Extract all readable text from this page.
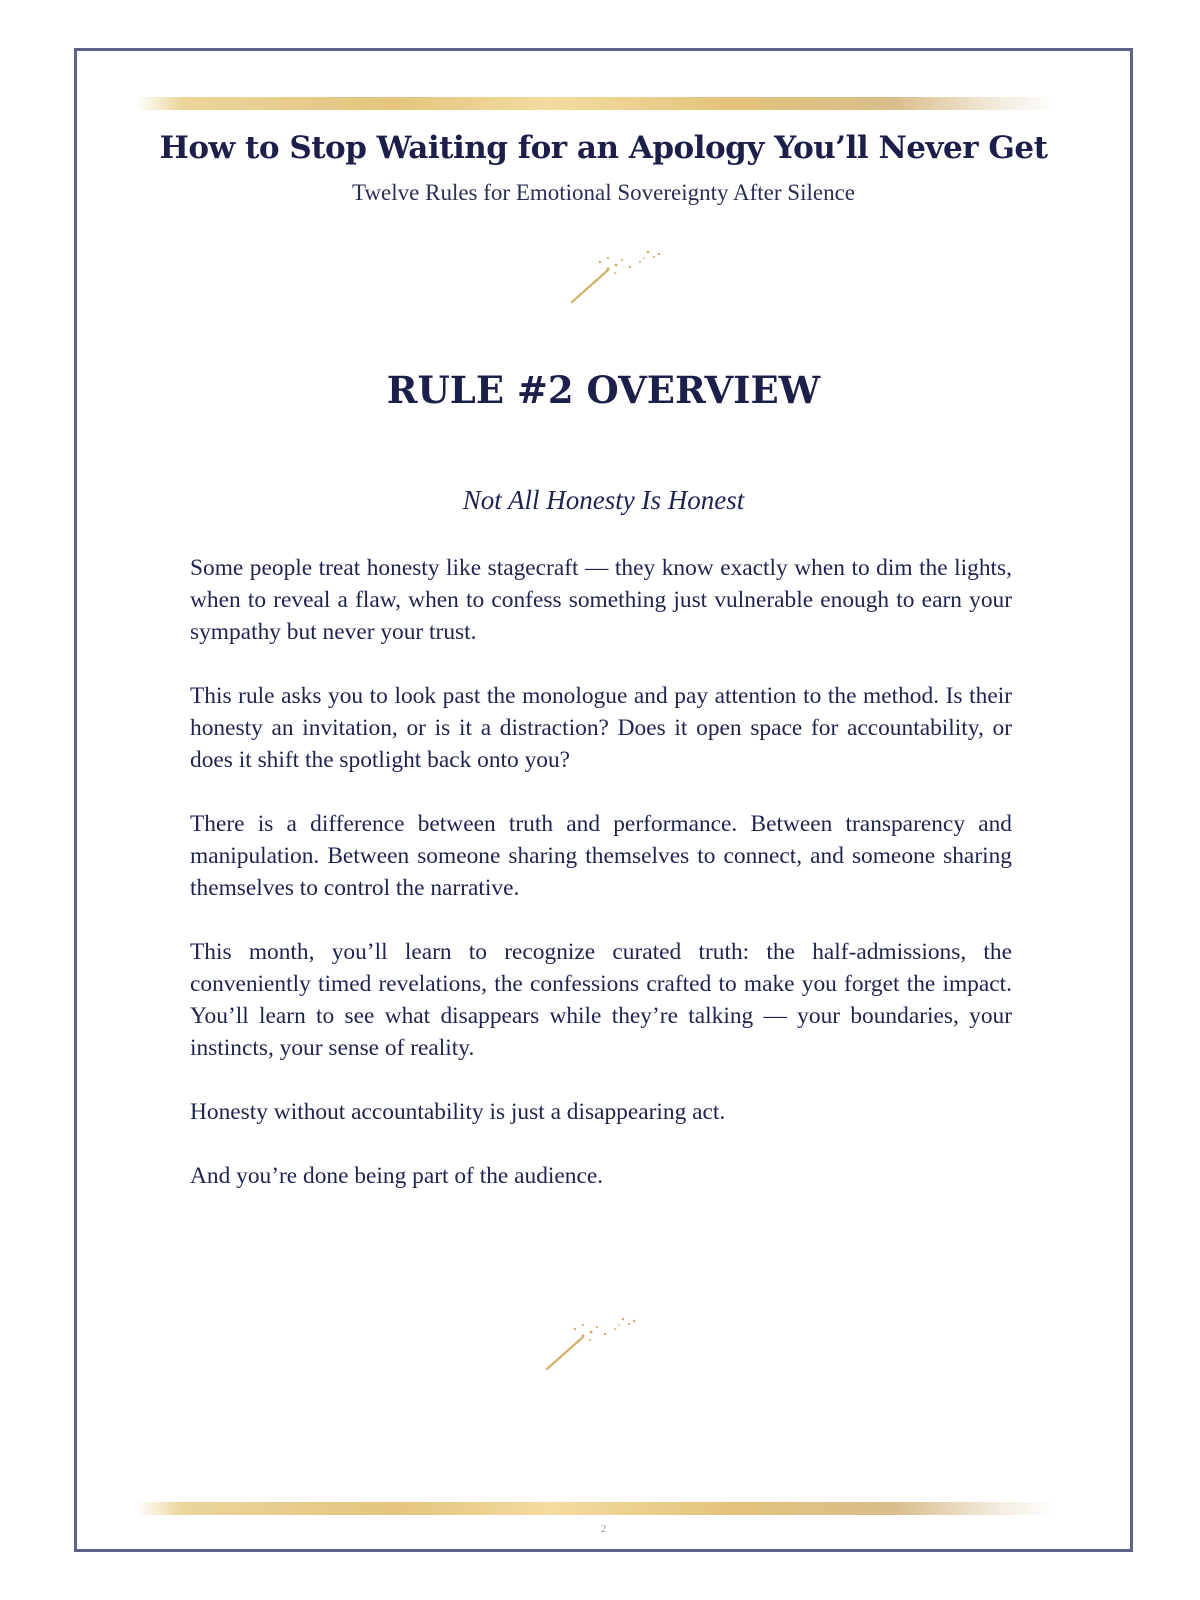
How to Stop Waiting for an Apology You’ll Never Get
Twelve Rules for Emotional Sovereignty After Silence
RULE #2 OVERVIEW
Not All Honesty Is Honest

Some people treat honesty like stagecraft — they know exactly when to dim the lights, when to reveal a flaw, when to confess something just vulnerable enough to earn your sympathy but never your trust.

This rule asks you to look past the monologue and pay attention to the method. Is their honesty an invitation, or is it a distraction? Does it open space for accountability, or does it shift the spotlight back onto you?

There is a difference between truth and performance. Between transparency and manipulation. Between someone sharing themselves to connect, and someone sharing themselves to control the narrative.

This month, you’ll learn to recognize curated truth: the half-admissions, the conveniently timed revelations, the confessions crafted to make you forget the impact. You’ll learn to see what disappears while they’re talking — your boundaries, your instincts, your sense of reality.

Honesty without accountability is just a disappearing act.

And you’re done being part of the audience.

2
